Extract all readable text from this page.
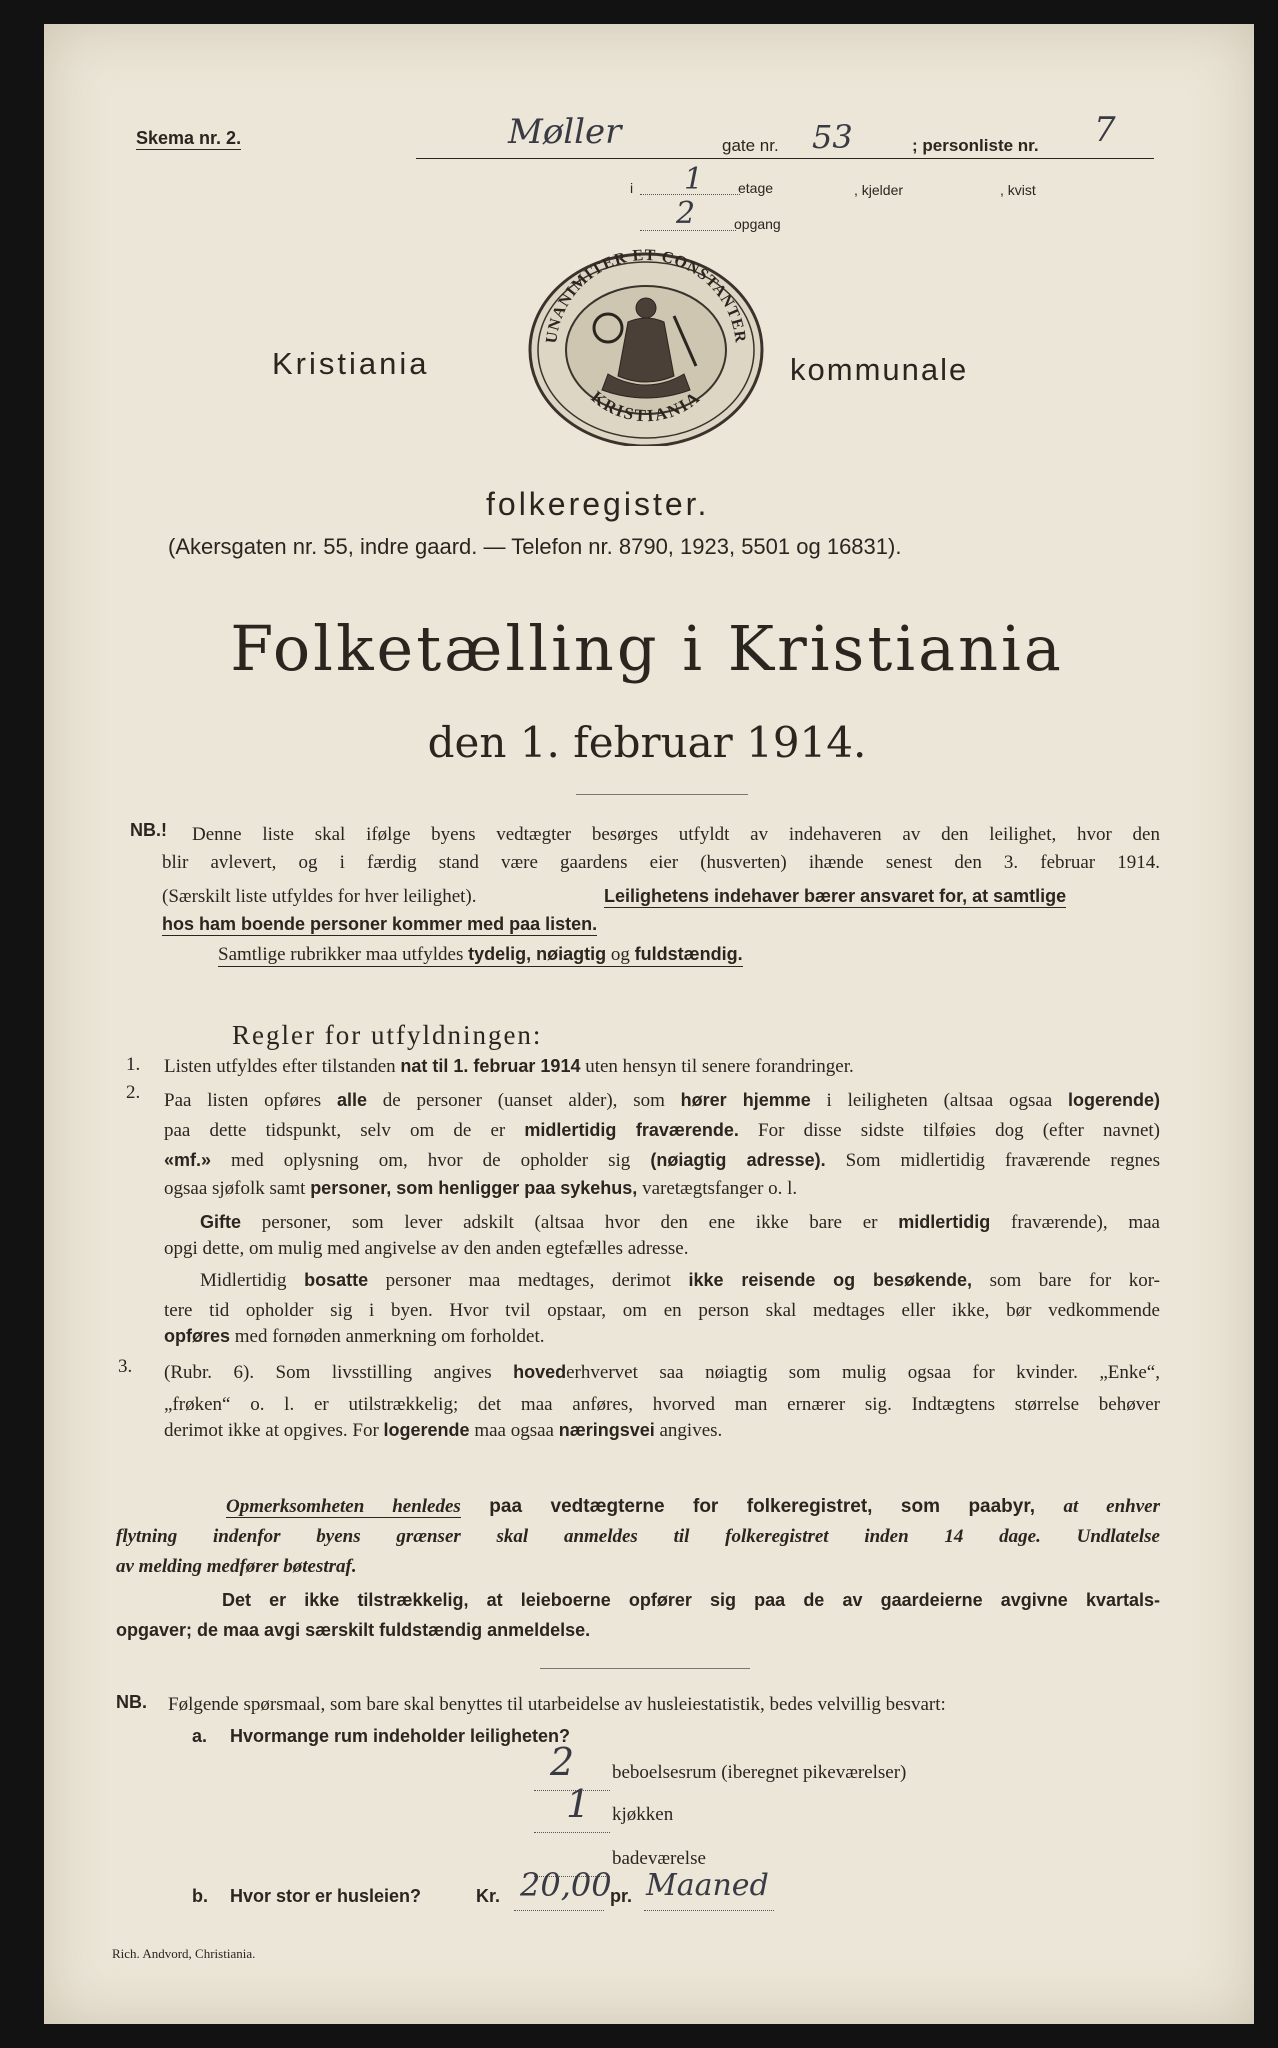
Skema nr. 2.	Møller	gate nr. 53	; personliste nr. 7
i 1 etage	, kjelder	, kvist
2	opgang
UNANIMITER ET CONSTANTER
KRISTIANIA
Kristiania	kommunale
folkeregister.
(Akersgaten nr. 55, indre gaard. — Telefon nr. 8790, 1923, 5501 og 16831).
Folketælling i Kristiania
den 1. februar 1914.
NB.! Denne liste skal ifølge byens vedtægter besørges utfyldt av indehaveren av den leilighet, hvor den
blir avlevert, og i færdig stand være gaardens eier (husverten) ihænde senest den 3. februar 1914.
(Særskilt liste utfyldes for hver leilighet).	Leilighetens indehaver bærer ansvaret for, at samtlige
hos ham boende personer kommer med paa listen.
Samtlige rubrikker maa utfyldes tydelig, nøiagtig og fuldstændig.
Regler for utfyldningen:
1. Listen utfyldes efter tilstanden nat til 1. februar 1914 uten hensyn til senere forandringer.
2. Paa listen opføres alle de personer (uanset alder), som hører hjemme i leiligheten (altsaa ogsaa logerende)
paa dette tidspunkt, selv om de er midlertidig fraværende. For disse sidste tilføies dog (efter navnet)
«mf.» med oplysning om, hvor de opholder sig (nøiagtig adresse). Som midlertidig fraværende regnes
ogsaa sjøfolk samt personer, som henligger paa sykehus, varetægtsfanger o. l.
Gifte personer, som lever adskilt (altsaa hvor den ene ikke bare er midlertidig fraværende), maa
opgi dette, om mulig med angivelse av den anden egtefælles adresse.
Midlertidig bosatte personer maa medtages, derimot ikke reisende og besøkende, som bare for kor-
tere tid opholder sig i byen. Hvor tvil opstaar, om en person skal medtages eller ikke, bør vedkommende
opføres med fornøden anmerkning om forholdet.
3. (Rubr. 6). Som livsstilling angives hovederhvervet saa nøiagtig som mulig ogsaa for kvinder. „Enke“,
„frøken“ o. l. er utilstrækkelig; det maa anføres, hvorved man ernærer sig. Indtægtens størrelse behøver
derimot ikke at opgives. For logerende maa ogsaa næringsvei angives.
Opmerksomheten henledes paa vedtægterne for folkeregistret, som paabyr, at enhver
flytning indenfor byens grænser skal anmeldes til folkeregistret inden 14 dage. Undlatelse
av melding medfører bøtestraf.
Det er ikke tilstrækkelig, at leieboerne opfører sig paa de av gaardeierne avgivne kvartals-
opgaver; de maa avgi særskilt fuldstændig anmeldelse.
NB. Følgende spørsmaal, som bare skal benyttes til utarbeidelse av husleiestatistik, bedes velvillig besvart:
a. Hvormange rum indeholder leiligheten?
2 beboelsesrum (iberegnet pikeværelser)
1 kjøkken
badeværelse
b. Hvor stor er husleien?	Kr. 20,00
pr. Maaned
Rich. Andvord, Christiania.
